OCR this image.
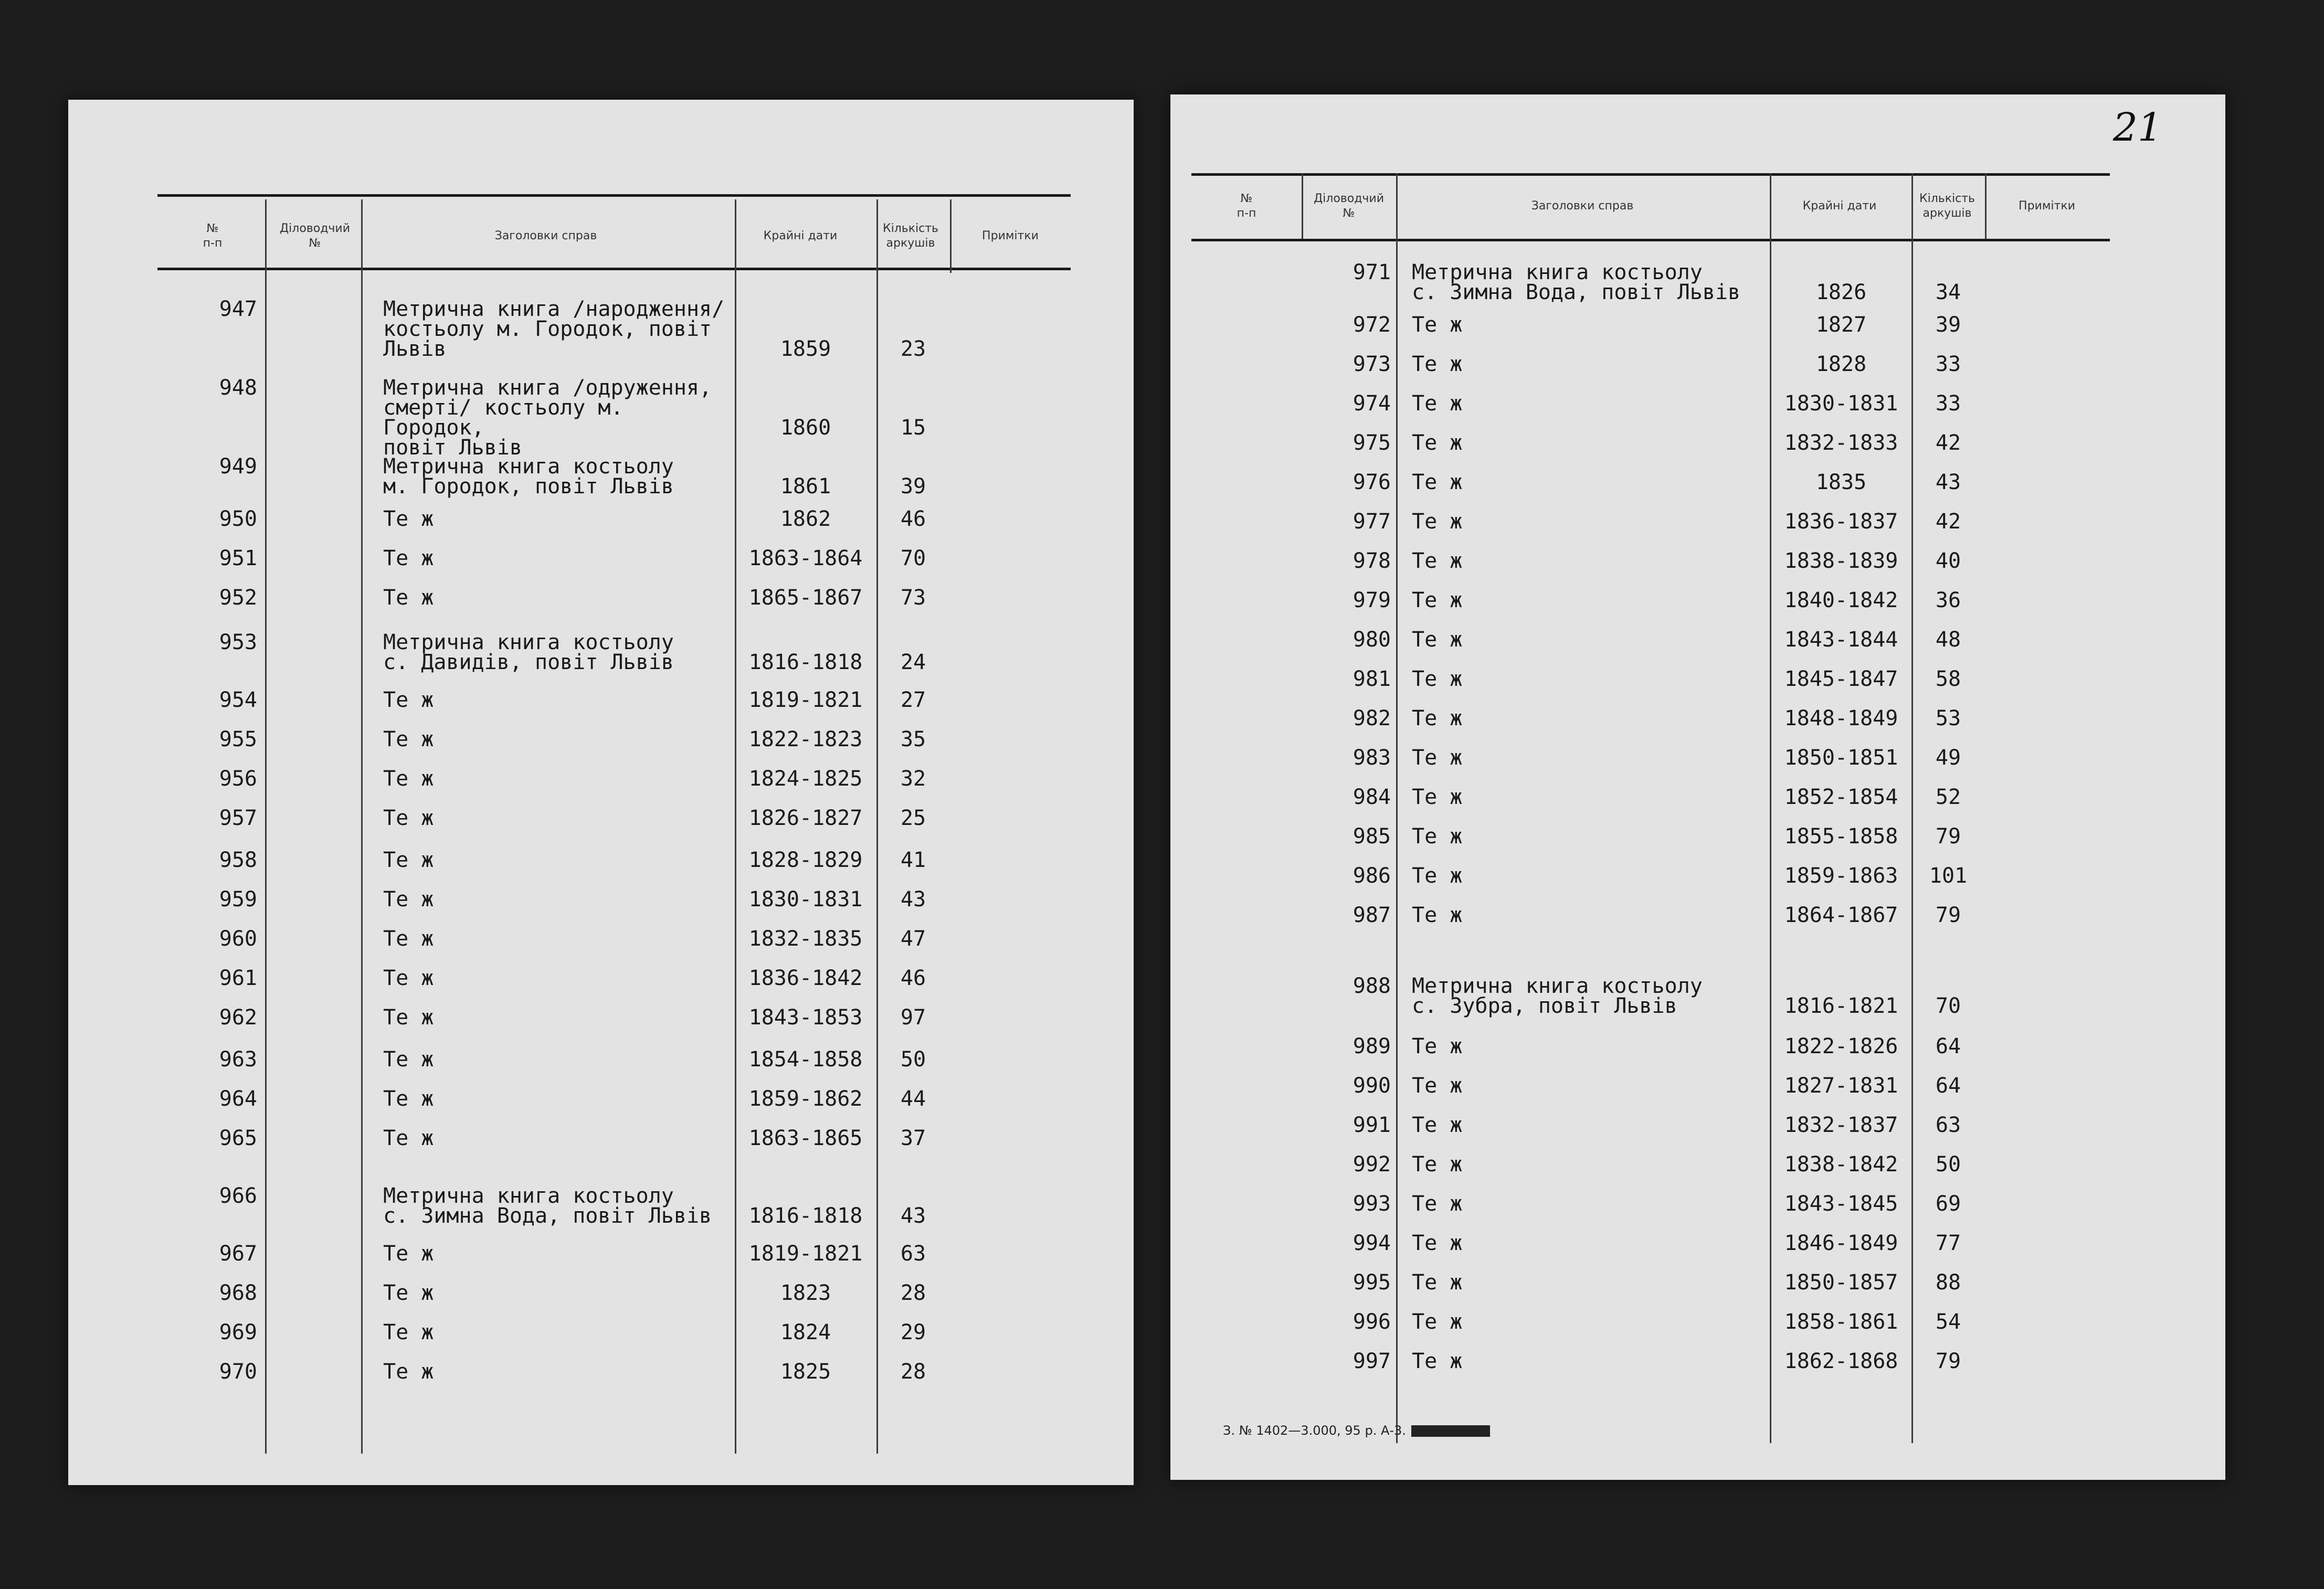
№
п-п
Діловодчий
№
Заголовки справ	Крайні дати
Кількість
аркушів
Примітки
947	Метрична книга /народження/
костьолу м. Городок, повіт
Львів	1859	23
948	Метрична книга /одруження,
смерті/ костьолу м. Городок,
повіт Львів
1860	15
949	Метрична книга костьолу
м. Городок, повіт Львів	1861	39
950	Те ж	1862	46
951	Те ж	1863-1864	70
952	Те ж	1865-1867	73
953	Метрична книга костьолу
с. Давидів, повіт Львів	1816-1818	24
954	Те ж	1819-1821	27
955	Те ж	1822-1823	35
956	Те ж	1824-1825	32
957	Те ж	1826-1827	25
958	Те ж	1828-1829	41
959	Те ж	1830-1831	43
960	Те ж	1832-1835	47
961	Те ж	1836-1842	46
962	Те ж	1843-1853	97
963	Те ж	1854-1858	50
964	Те ж	1859-1862	44
965	Те ж	1863-1865	37
966	Метрична книга костьолу
с. Зимна Вода, повіт Львів	1816-1818	43
967	Те ж	1819-1821	63
968	Те ж	1823	28
969	Те ж	1824	29
970	Те ж	1825	28
21
№
п-п
Діловодчий
№
Заголовки справ	Крайні дати
Кількість
аркушів
Примітки
971 Метрична книга костьолу
с. Зимна Вода, повіт Львів	1826	34
972 Те ж	1827	39
973 Те ж	1828	33
974 Те ж	1830-1831	33
975 Те ж	1832-1833	42
976 Те ж	1835	43
977 Те ж	1836-1837	42
978 Те ж	1838-1839	40
979 Те ж	1840-1842	36
980 Те ж	1843-1844	48
981 Те ж	1845-1847	58
982 Те ж	1848-1849	53
983 Те ж	1850-1851	49
984 Те ж	1852-1854	52
985 Те ж	1855-1858	79
986 Те ж	1859-1863	101
987 Те ж	1864-1867	79
988 Метрична книга костьолу
с. Зубра, повіт Львів	1816-1821	70
989 Те ж	1822-1826	64
990 Те ж	1827-1831	64
991 Те ж	1832-1837	63
992 Те ж	1838-1842	50
993 Те ж	1843-1845	69
994 Те ж	1846-1849	77
995 Те ж	1850-1857	88
996 Те ж	1858-1861	54
997 Те ж	1862-1868	79
З. № 1402—3.000, 95 р. А-3.
